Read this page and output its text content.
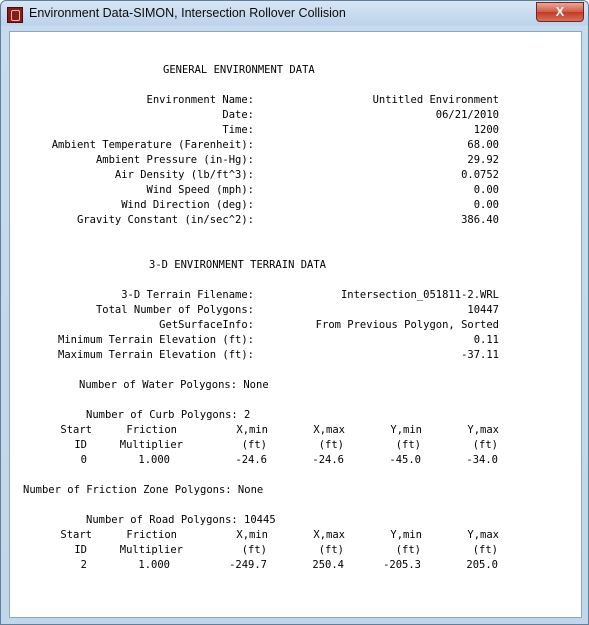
Environment Data-SIMON, Intersection Rollover Collision	X
GENERAL ENVIRONMENT DATA
Environment Name:	Untitled Environment
Date:	06/21/2010
Time:	1200
Ambient Temperature (Farenheit):	68.00
Ambient Pressure (in-Hg):	29.92
Air Density (lb/ft^3):	0.0752
Wind Speed (mph):	0.00
Wind Direction (deg):	0.00
Gravity Constant (in/sec^2):	386.40
3-D ENVIRONMENT TERRAIN DATA
3-D Terrain Filename:	Intersection_051811-2.WRL
Total Number of Polygons:	10447
GetSurfaceInfo:	From Previous Polygon, Sorted
Minimum Terrain Elevation (ft):	0.11
Maximum Terrain Elevation (ft):	-37.11
Number of Water Polygons: None
Number of Curb Polygons: 2
Start	Friction	X,min	X,max	Y,min	Y,max
ID	Multiplier	(ft)	(ft)	(ft)	(ft)
0	1.000	-24.6	-24.6	-45.0	-34.0
Number of Friction Zone Polygons: None
Number of Road Polygons: 10445
Start	Friction	X,min	X,max	Y,min	Y,max
ID	Multiplier	(ft)	(ft)	(ft)	(ft)
2	1.000	-249.7	250.4	-205.3	205.0
